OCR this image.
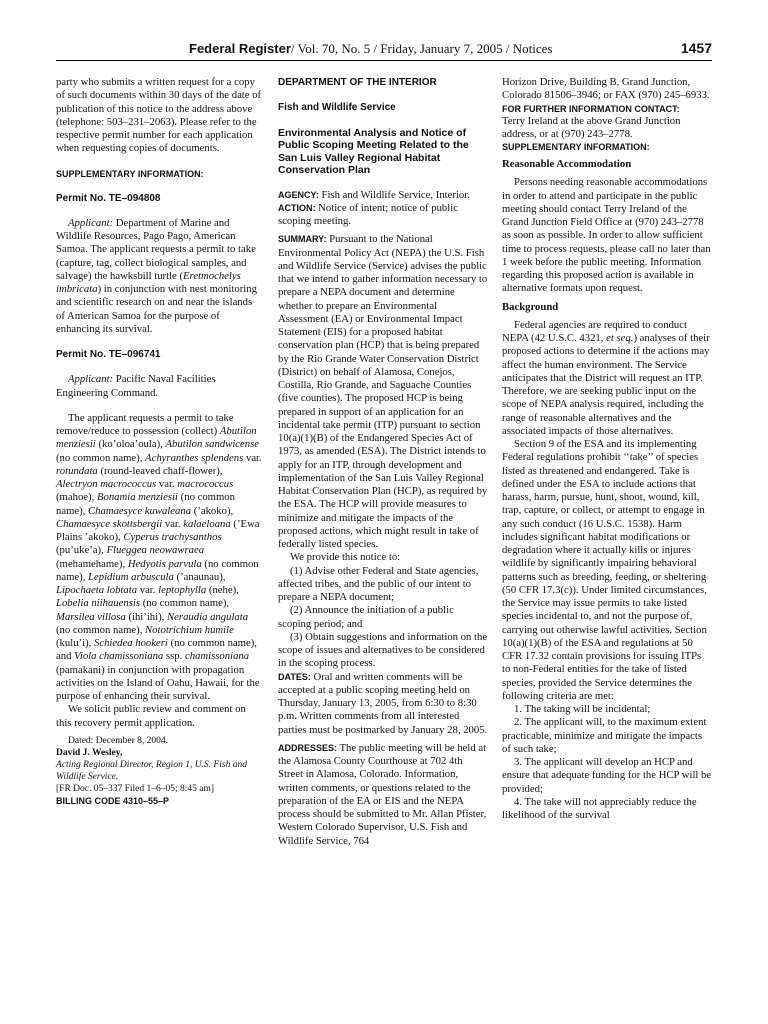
Federal Register/ Vol. 70, No. 5 / Friday, January 7, 2005 / Notices	1457

party who submits a written request for a copy of such documents within 30 days of the date of publication of this notice to the address above (telephone: 503–231–2063). Please refer to the respective permit number for each application when requesting copies of documents.

SUPPLEMENTARY INFORMATION:

Permit No. TE–094808

Applicant: Department of Marine and Wildlife Resources, Pago Pago, American Samoa. The applicant requests a permit to take (capture, tag, collect biological samples, and salvage) the hawksbill turtle (Eretmochelys imbricata) in conjunction with nest monitoring and scientific research on and near the islands of American Samoa for the purpose of enhancing its survival.

Permit No. TE–096741

Applicant: Pacific Naval Facilities Engineering Command.

The applicant requests a permit to take remove/reduce to possession (collect) Abutilon menziesii (ko’oloa’oula), Abutilon sandwicense (no common name), Achyranthes splendens var. rotundata (round-leaved chaff-flower), Alectryon macrococcus var. macrococcus (mahoe), Bonamia menziesii (no common name), Chamaesyce kuwaleana (’akoko), Chamaesyce skottsbergii var. kalaeloana (’Ewa Plains ’akoko), Cyperus trachysanthos (pu’uke’a), Flueggea neowawraea (mehamehame), Hedyotis parvula (no common name), Lepidium arbuscula (’anaunau), Lipochaeta lobtata var. leptophylla (nehe), Lobelia niihauensis (no common name), Marsilea villosa (ihi’ihi), Neraudia angulata (no common name), Nototrichium humile (kulu’i), Schiedea hookeri (no common name), and Viola chamissoniana ssp. chamissoniana (pamakani) in conjunction with propagation activities on the Island of Oahu, Hawaii, for the purpose of enhancing their survival.

We solicit public review and comment on this recovery permit application.

Dated: December 8, 2004.

David J. Wesley,

Acting Regional Director, Region 1, U.S. Fish and Wildlife Service.

[FR Doc. 05–337 Filed 1–6–05; 8:45 am]

BILLING CODE 4310–55–P

DEPARTMENT OF THE INTERIOR

Fish and Wildlife Service

Environmental Analysis and Notice of Public Scoping Meeting Related to the San Luis Valley Regional Habitat Conservation Plan

AGENCY: Fish and Wildlife Service, Interior.

ACTION: Notice of intent; notice of public scoping meeting.

SUMMARY: Pursuant to the National Environmental Policy Act (NEPA) the U.S. Fish and Wildlife Service (Service) advises the public that we intend to gather information necessary to prepare a NEPA document and determine whether to prepare an Environmental Assessment (EA) or Environmental Impact Statement (EIS) for a proposed habitat conservation plan (HCP) that is being prepared by the Rio Grande Water Conservation District (District) on behalf of Alamosa, Conejos, Costilla, Rio Grande, and Saguache Counties (five counties). The proposed HCP is being prepared in support of an application for an incidental take permit (ITP) pursuant to section 10(a)(1)(B) of the Endangered Species Act of 1973, as amended (ESA). The District intends to apply for an ITP, through development and implementation of the San Luis Valley Regional Habitat Conservation Plan (HCP), as required by the ESA. The HCP will provide measures to minimize and mitigate the impacts of the proposed actions, which might result in take of federally listed species.

We provide this notice to:

(1) Advise other Federal and State agencies, affected tribes, and the public of our intent to prepare a NEPA document;

(2) Announce the initiation of a public scoping period; and

(3) Obtain suggestions and information on the scope of issues and alternatives to be considered in the scoping process.

DATES: Oral and written comments will be accepted at a public scoping meeting held on Thursday, January 13, 2005, from 6:30 to 8:30 p.m. Written comments from all interested parties must be postmarked by January 28, 2005.

ADDRESSES: The public meeting will be held at the Alamosa County Courthouse at 702 4th Street in Alamosa, Colorado. Information, written comments, or questions related to the preparation of the EA or EIS and the NEPA process should be submitted to Mr. Allan Pfister, Western Colorado Supervisor, U.S. Fish and Wildlife Service, 764

Horizon Drive, Building B, Grand Junction, Colorado 81506–3946; or FAX (970) 245–6933.

FOR FURTHER INFORMATION CONTACT:

Terry Ireland at the above Grand Junction address, or at (970) 243–2778.

SUPPLEMENTARY INFORMATION:

Reasonable Accommodation

Persons needing reasonable accommodations in order to attend and participate in the public meeting should contact Terry Ireland of the Grand Junction Field Office at (970) 243–2778 as soon as possible. In order to allow sufficient time to process requests, please call no later than 1 week before the public meeting. Information regarding this proposed action is available in alternative formats upon request.

Background

Federal agencies are required to conduct NEPA (42 U.S.C. 4321, et seq.) analyses of their proposed actions to determine if the actions may affect the human environment. The Service anticipates that the District will request an ITP. Therefore, we are seeking public input on the scope of NEPA analysis required, including the range of reasonable alternatives and the associated impacts of those alternatives.

Section 9 of the ESA and its implementing Federal regulations prohibit ‘‘take’’ of species listed as threatened and endangered. Take is defined under the ESA to include actions that harass, harm, pursue, hunt, shoot, wound, kill, trap, capture, or collect, or attempt to engage in any such conduct (16 U.S.C. 1538). Harm includes significant habitat modifications or degradation where it actually kills or injures wildlife by significantly impairing behavioral patterns such as breeding, feeding, or sheltering (50 CFR 17.3(c)). Under limited circumstances, the Service may issue permits to take listed species incidental to, and not the purpose of, carrying out otherwise lawful activities. Section 10(a)(1)(B) of the ESA and regulations at 50 CFR 17.32 contain provisions for issuing ITPs to non-Federal entities for the take of listed species, provided the Service determines the following criteria are met:

1. The taking will be incidental;

2. The applicant will, to the maximum extent practicable, minimize and mitigate the impacts of such take;

3. The applicant will develop an HCP and ensure that adequate funding for the HCP will be provided;

4. The take will not appreciably reduce the likelihood of the survival
